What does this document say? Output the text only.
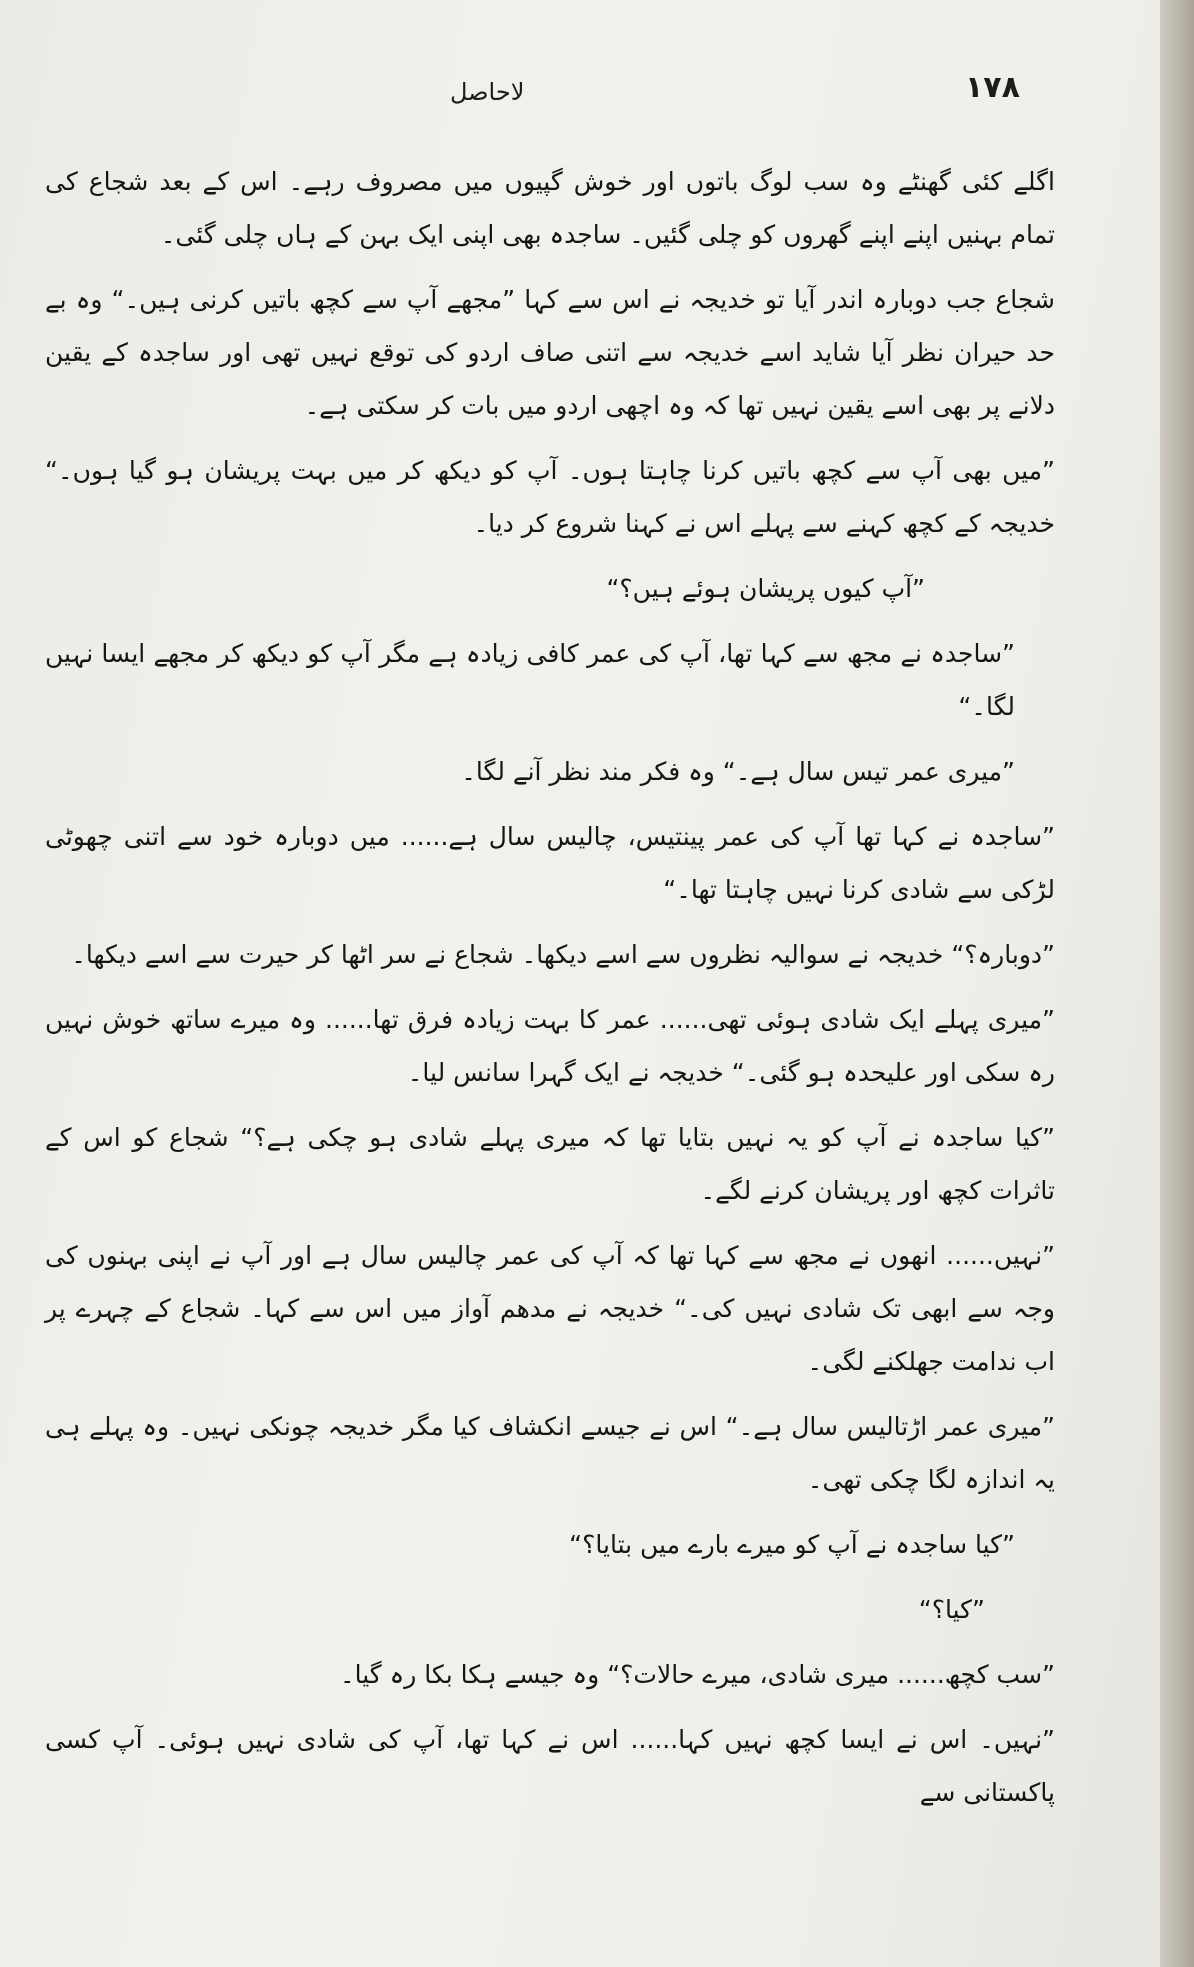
لاحاصل	۱۷۸

اگلے کئی گھنٹے وہ سب لوگ باتوں اور خوش گپیوں میں مصروف رہے۔ اس کے بعد شجاع کی تمام بہنیں اپنے اپنے گھروں کو چلی گئیں۔ ساجدہ بھی اپنی ایک بہن کے ہاں چلی گئی۔

شجاع جب دوبارہ اندر آیا تو خدیجہ نے اس سے کہا ”مجھے آپ سے کچھ باتیں کرنی ہیں۔“ وہ بے حد حیران نظر آیا شاید اسے خدیجہ سے اتنی صاف اردو کی توقع نہیں تھی اور ساجدہ کے یقین دلانے پر بھی اسے یقین نہیں تھا کہ وہ اچھی اردو میں بات کر سکتی ہے۔

”میں بھی آپ سے کچھ باتیں کرنا چاہتا ہوں۔ آپ کو دیکھ کر میں بہت پریشان ہو گیا ہوں۔“ خدیجہ کے کچھ کہنے سے پہلے اس نے کہنا شروع کر دیا۔

”آپ کیوں پریشان ہوئے ہیں؟“

”ساجدہ نے مجھ سے کہا تھا، آپ کی عمر کافی زیادہ ہے مگر آپ کو دیکھ کر مجھے ایسا نہیں لگا۔“

”میری عمر تیس سال ہے۔“ وہ فکر مند نظر آنے لگا۔

”ساجدہ نے کہا تھا آپ کی عمر پینتیس، چالیس سال ہے...... میں دوبارہ خود سے اتنی چھوٹی لڑکی سے شادی کرنا نہیں چاہتا تھا۔“

”دوبارہ؟“ خدیجہ نے سوالیہ نظروں سے اسے دیکھا۔ شجاع نے سر اٹھا کر حیرت سے اسے دیکھا۔

”میری پہلے ایک شادی ہوئی تھی...... عمر کا بہت زیادہ فرق تھا...... وہ میرے ساتھ خوش نہیں رہ سکی اور علیحدہ ہو گئی۔“ خدیجہ نے ایک گہرا سانس لیا۔

”کیا ساجدہ نے آپ کو یہ نہیں بتایا تھا کہ میری پہلے شادی ہو چکی ہے؟“ شجاع کو اس کے تاثرات کچھ اور پریشان کرنے لگے۔

”نہیں...... انھوں نے مجھ سے کہا تھا کہ آپ کی عمر چالیس سال ہے اور آپ نے اپنی بہنوں کی وجہ سے ابھی تک شادی نہیں کی۔“ خدیجہ نے مدھم آواز میں اس سے کہا۔ شجاع کے چہرے پر اب ندامت جھلکنے لگی۔

”میری عمر اڑتالیس سال ہے۔“ اس نے جیسے انکشاف کیا مگر خدیجہ چونکی نہیں۔ وہ پہلے ہی یہ اندازہ لگا چکی تھی۔

”کیا ساجدہ نے آپ کو میرے بارے میں بتایا؟“

”کیا؟“

”سب کچھ...... میری شادی، میرے حالات؟“ وہ جیسے ہکا بکا رہ گیا۔

”نہیں۔ اس نے ایسا کچھ نہیں کہا...... اس نے کہا تھا، آپ کی شادی نہیں ہوئی۔ آپ کسی پاکستانی سے
